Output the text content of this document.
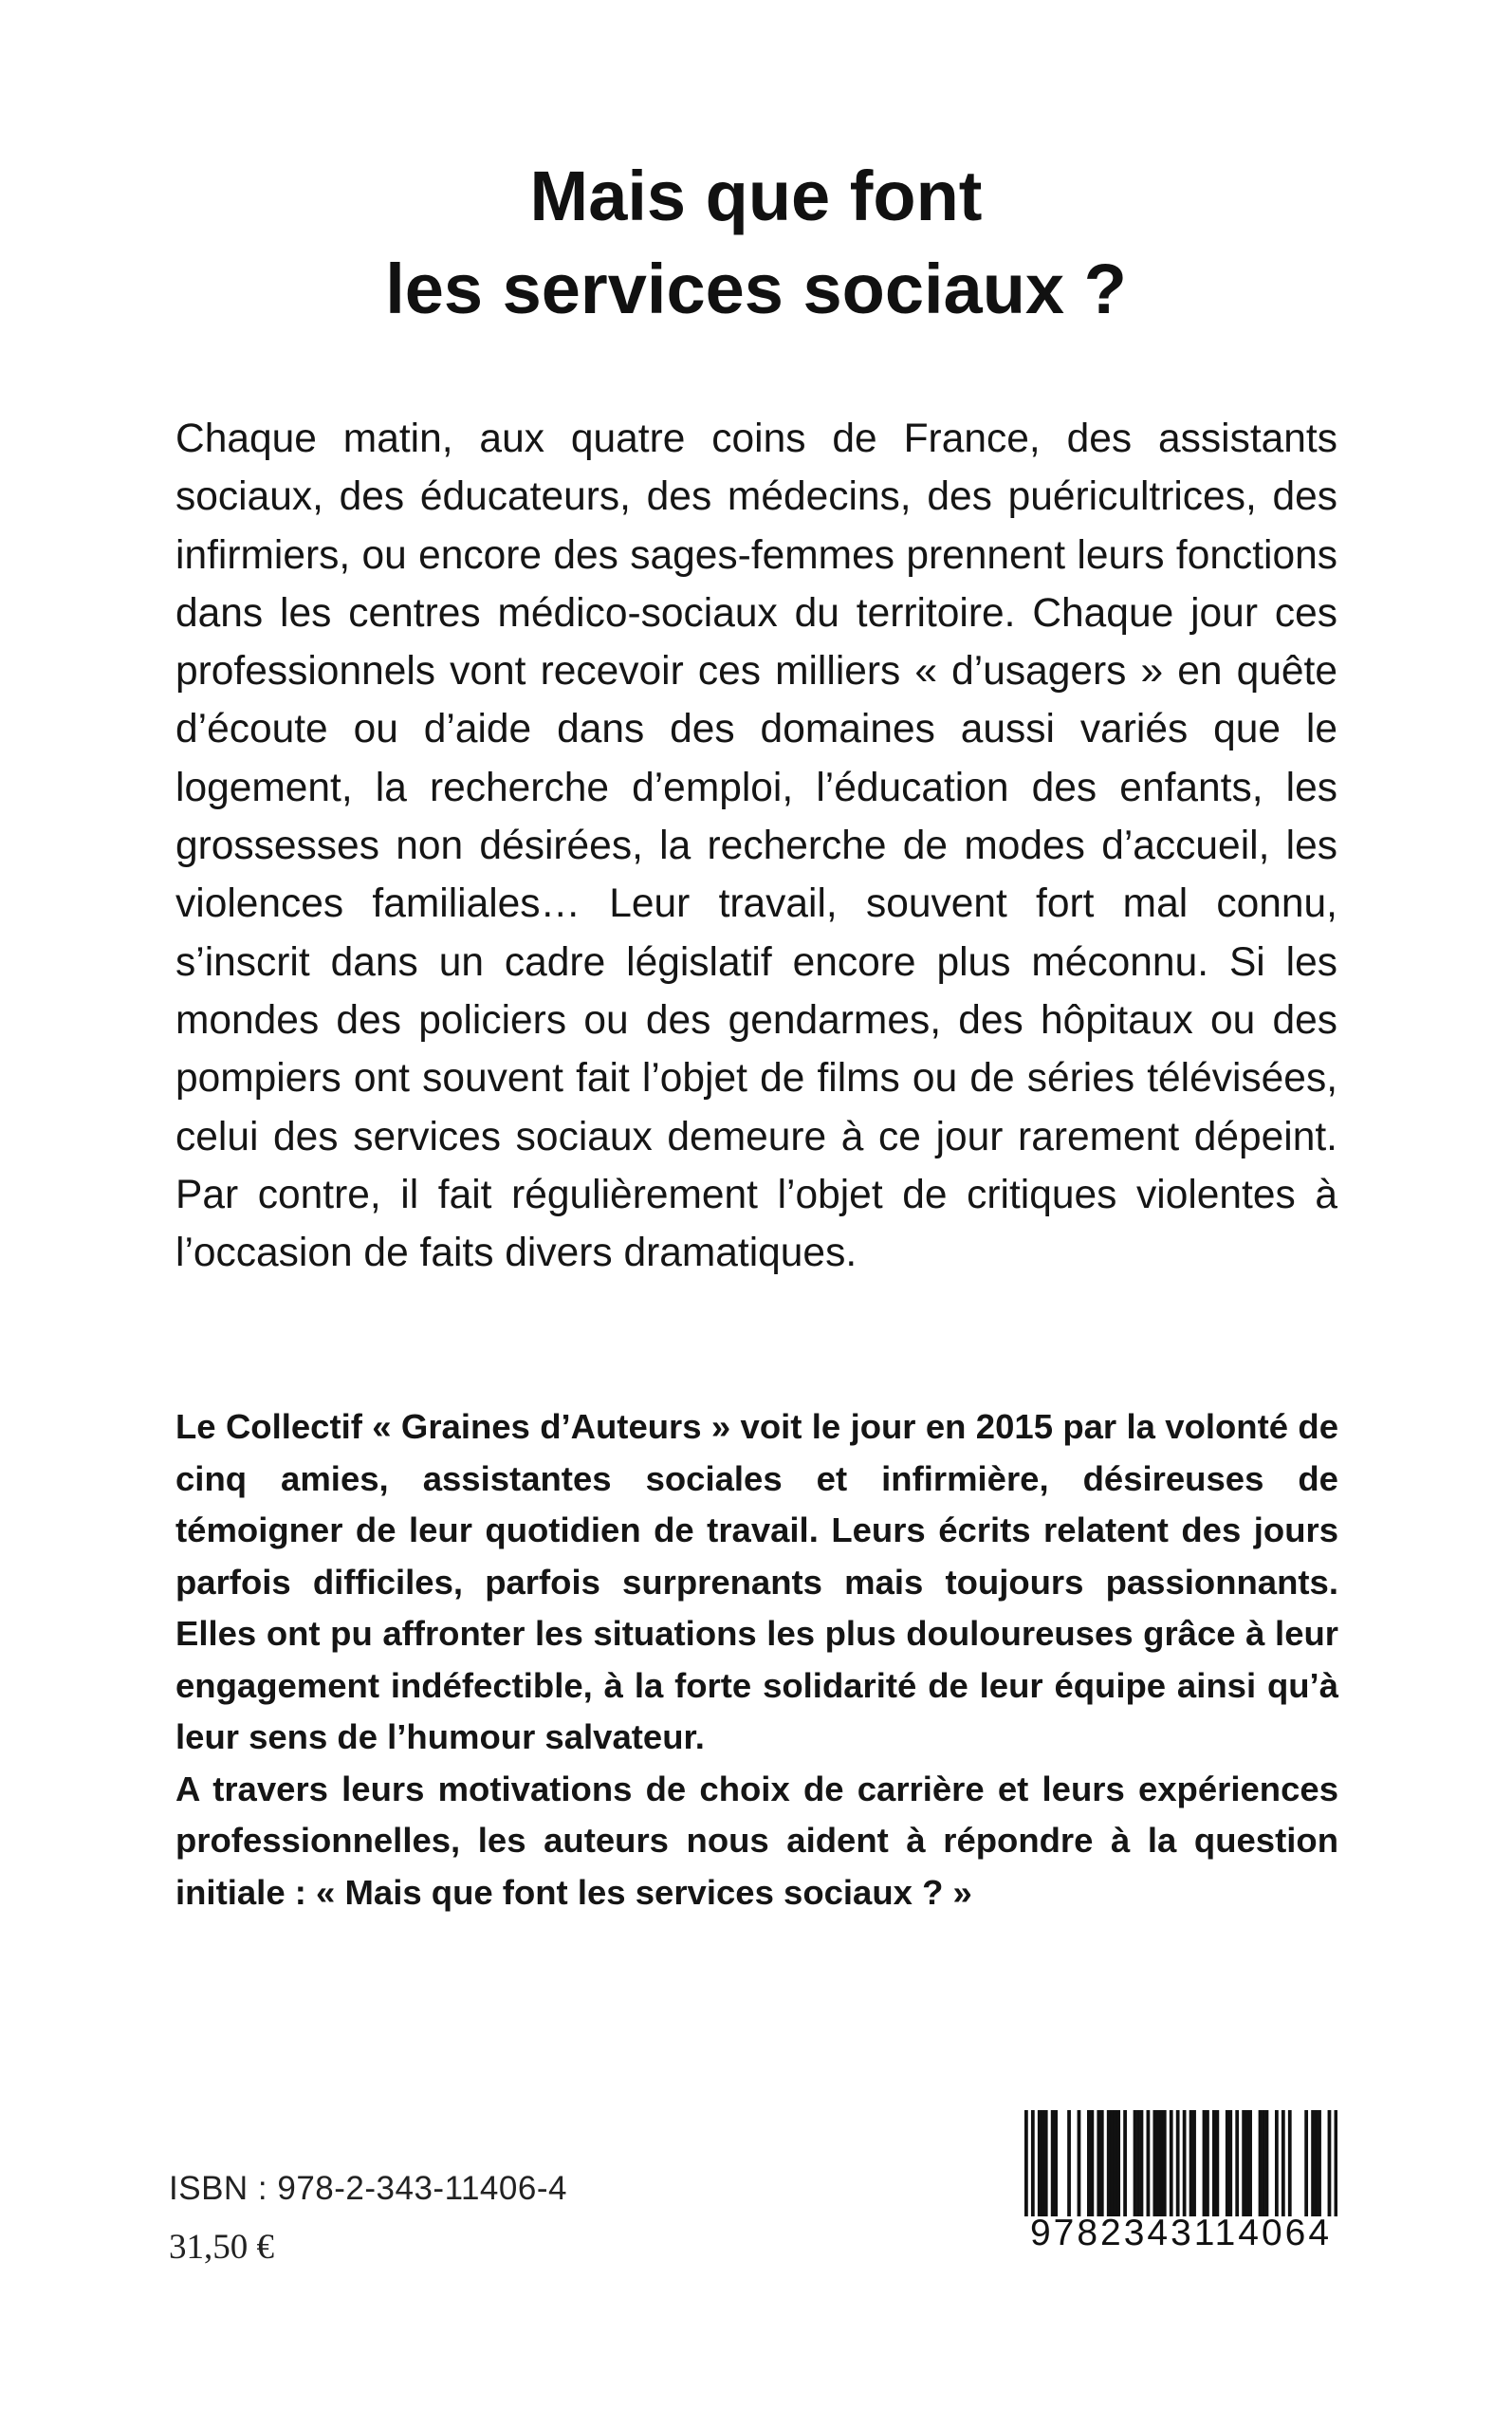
Mais que font
les services sociaux ?

Chaque matin, aux quatre coins de France, des assistants sociaux, des éducateurs, des médecins, des puéricultrices, des infirmiers, ou encore des sages-femmes prennent leurs fonctions dans les centres médico-sociaux du territoire. Chaque jour ces professionnels vont recevoir ces milliers « d’usagers » en quête d’écoute ou d’aide dans des domaines aussi variés que le logement, la recherche d’emploi, l’éducation des enfants, les grossesses non désirées, la recherche de modes d’accueil, les violences familiales… Leur travail, souvent fort mal connu, s’inscrit dans un cadre législatif encore plus méconnu. Si les mondes des policiers ou des gendarmes, des hôpitaux ou des pompiers ont souvent fait l’objet de films ou de séries télévisées, celui des services sociaux demeure à ce jour rarement dépeint. Par contre, il fait régulièrement l’objet de critiques violentes à l’occasion de faits divers dramatiques.

Le Collectif « Graines d’Auteurs » voit le jour en 2015 par la volonté de cinq amies, assistantes sociales et infirmière, désireuses de témoigner de leur quotidien de travail. Leurs écrits relatent des jours parfois difficiles, parfois surprenants mais toujours passionnants. Elles ont pu affronter les situations les plus douloureuses grâce à leur engagement indéfectible, à la forte solidarité de leur équipe ainsi qu’à leur sens de l’humour salvateur.

A travers leurs motivations de choix de carrière et leurs expériences professionnelles, les auteurs nous aident à répondre à la question initiale : « Mais que font les services sociaux ? »

ISBN : 978-2-343-11406-4
31,50 €	9782343114064
